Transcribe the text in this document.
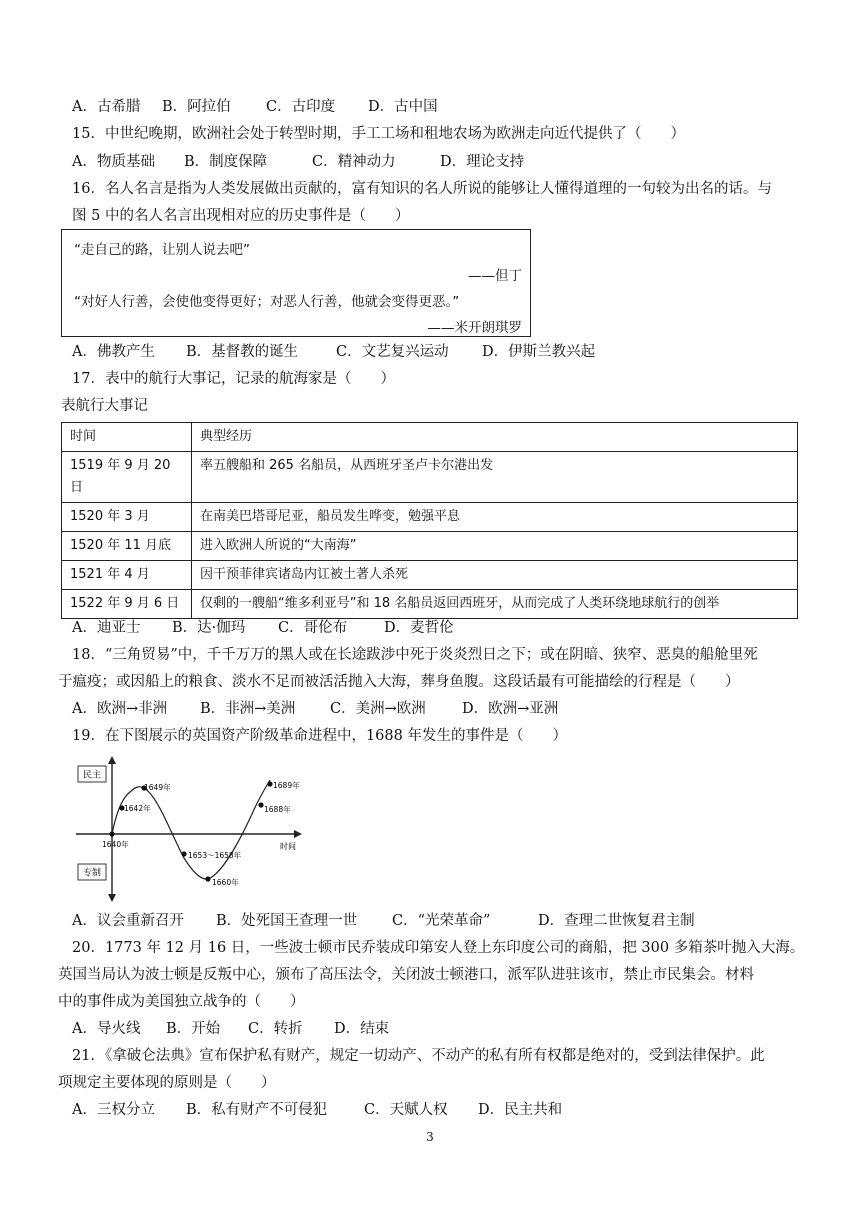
A．古希腊 B．阿拉伯 C．古印度 D．古中国
15．中世纪晚期，欧洲社会处于转型时期，手工工场和租地农场为欧洲走向近代提供了（　　）
A．物质基础 B．制度保障	C．精神动力	D．理论支持
16．名人名言是指为人类发展做出贡献的，富有知识的名人所说的能够让人懂得道理的一句较为出名的话。与
图 5 中的名人名言出现相对应的历史事件是（　　）
“走自己的路，让别人说去吧”
——但丁
“对好人行善，会使他变得更好；对恶人行善，他就会变得更恶。”
——米开朗琪罗
A．佛教产生 B．基督教的诞生	C．文艺复兴运动 D．伊斯兰教兴起
17．表中的航行大事记，记录的航海家是（　　）
表航行大事记
时间	典型经历
1519 年 9 月 20 日	率五艘船和 265 名船员，从西班牙圣卢卡尔港出发
1520 年 3 月	在南美巴塔哥尼亚，船员发生哗变，勉强平息
1520 年 11 月底	进入欧洲人所说的“大南海”
1521 年 4 月	因干预菲律宾诸岛内讧被土著人杀死
1522 年 9 月 6 日	仅剩的一艘船“维多利亚号”和 18 名船员返回西班牙，从而完成了人类环绕地球航行的创举
A．迪亚士 B．达·伽玛 C．哥伦布	D．麦哲伦
18．“三角贸易”中，千千万万的黑人或在长途跋涉中死于炎炎烈日之下；或在阴暗、狭窄、恶臭的船舱里死
于瘟疫；或因船上的粮食、淡水不足而被活活抛入大海，葬身鱼腹。这段话最有可能描绘的行程是（　　）
A．欧洲→非洲 B．非洲→美洲 C．美洲→欧洲	D．欧洲→亚洲
19．在下图展示的英国资产阶级革命进程中，1688 年发生的事件是（　　）
民主
专制
时间
1640年
1642年
1649年
1653～1658年
1660年
1688年
1689年
A．议会重新召开 B．处死国王查理一世 C．“光荣革命”	D．查理二世恢复君主制
20．1773 年 12 月 16 日，一些波士顿市民乔装成印第安人登上东印度公司的商船，把 300 多箱茶叶抛入大海。
英国当局认为波士顿是反叛中心，颁布了高压法令，关闭波士顿港口，派军队进驻该市，禁止市民集会。材料
中的事件成为美国独立战争的（　　）
A．导火线 B．开始 C．转折 D．结束
21．《拿破仑法典》宣布保护私有财产，规定一切动产、不动产的私有所有权都是绝对的，受到法律保护。此
项规定主要体现的原则是（　　）
A．三权分立 B．私有财产不可侵犯	C．天赋人权 D．民主共和
3
